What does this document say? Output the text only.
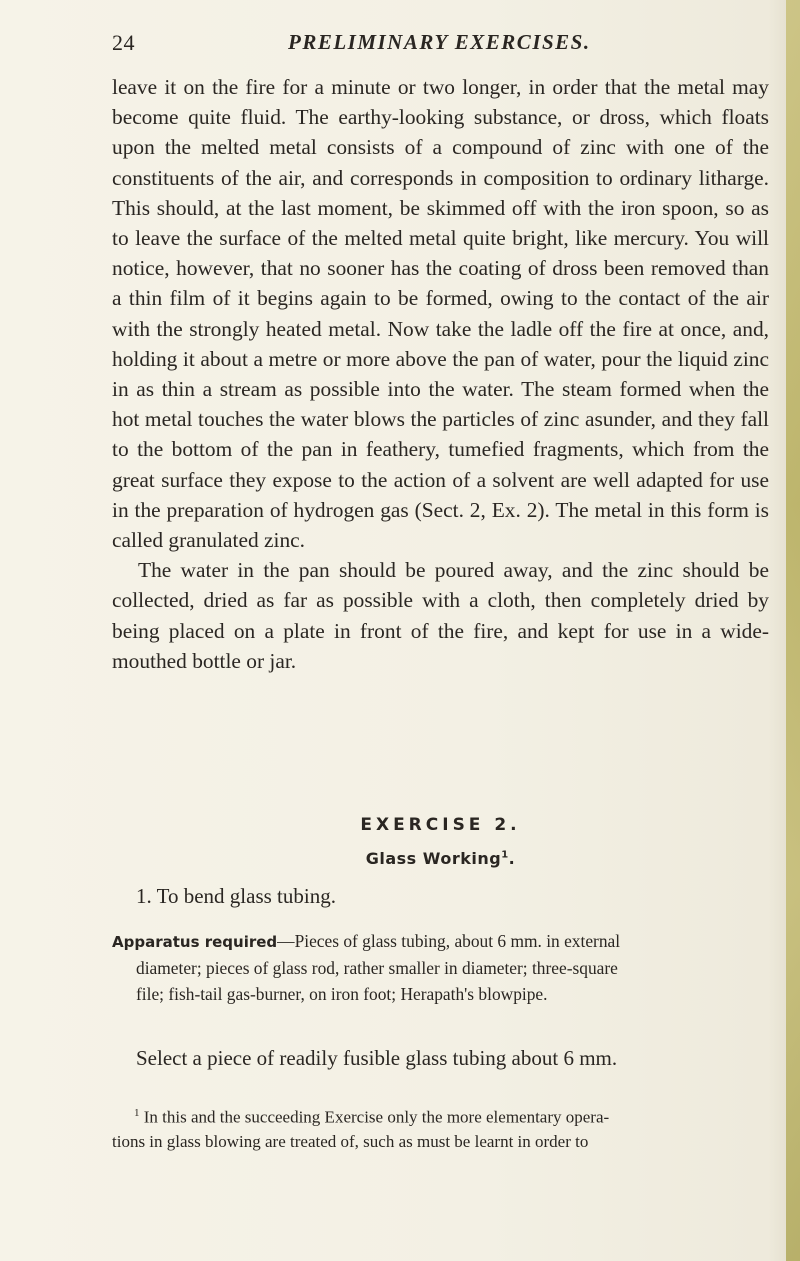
24	PRELIMINARY EXERCISES.

leave it on the fire for a minute or two longer, in order that the metal may become quite fluid. The earthy-looking substance, or dross, which floats upon the melted metal consists of a compound of zinc with one of the constituents of the air, and corresponds in composition to ordinary litharge. This should, at the last moment, be skimmed off with the iron spoon, so as to leave the surface of the melted metal quite bright, like mercury. You will notice, however, that no sooner has the coating of dross been removed than a thin film of it begins again to be formed, owing to the contact of the air with the strongly heated metal. Now take the ladle off the fire at once, and, holding it about a metre or more above the pan of water, pour the liquid zinc in as thin a stream as possible into the water. The steam formed when the hot metal touches the water blows the particles of zinc asunder, and they fall to the bottom of the pan in feathery, tumefied fragments, which from the great surface they expose to the action of a solvent are well adapted for use in the preparation of hydrogen gas (Sect. 2, Ex. 2). The metal in this form is called granulated zinc.

The water in the pan should be poured away, and the zinc should be collected, dried as far as possible with a cloth, then completely dried by being placed on a plate in front of the fire, and kept for use in a wide-mouthed bottle or jar.

EXERCISE 2.
Glass Working$^1$.
1. To bend glass tubing.
Apparatus required—Pieces of glass tubing, about 6 mm. in external
diameter; pieces of glass rod, rather smaller in diameter; three-square
file; fish-tail gas-burner, on iron foot; Herapath's blowpipe.
Select a piece of readily fusible glass tubing about 6 mm.
$^1$ In this and the succeeding Exercise only the more elementary opera-
tions in glass blowing are treated of, such as must be learnt in order to
